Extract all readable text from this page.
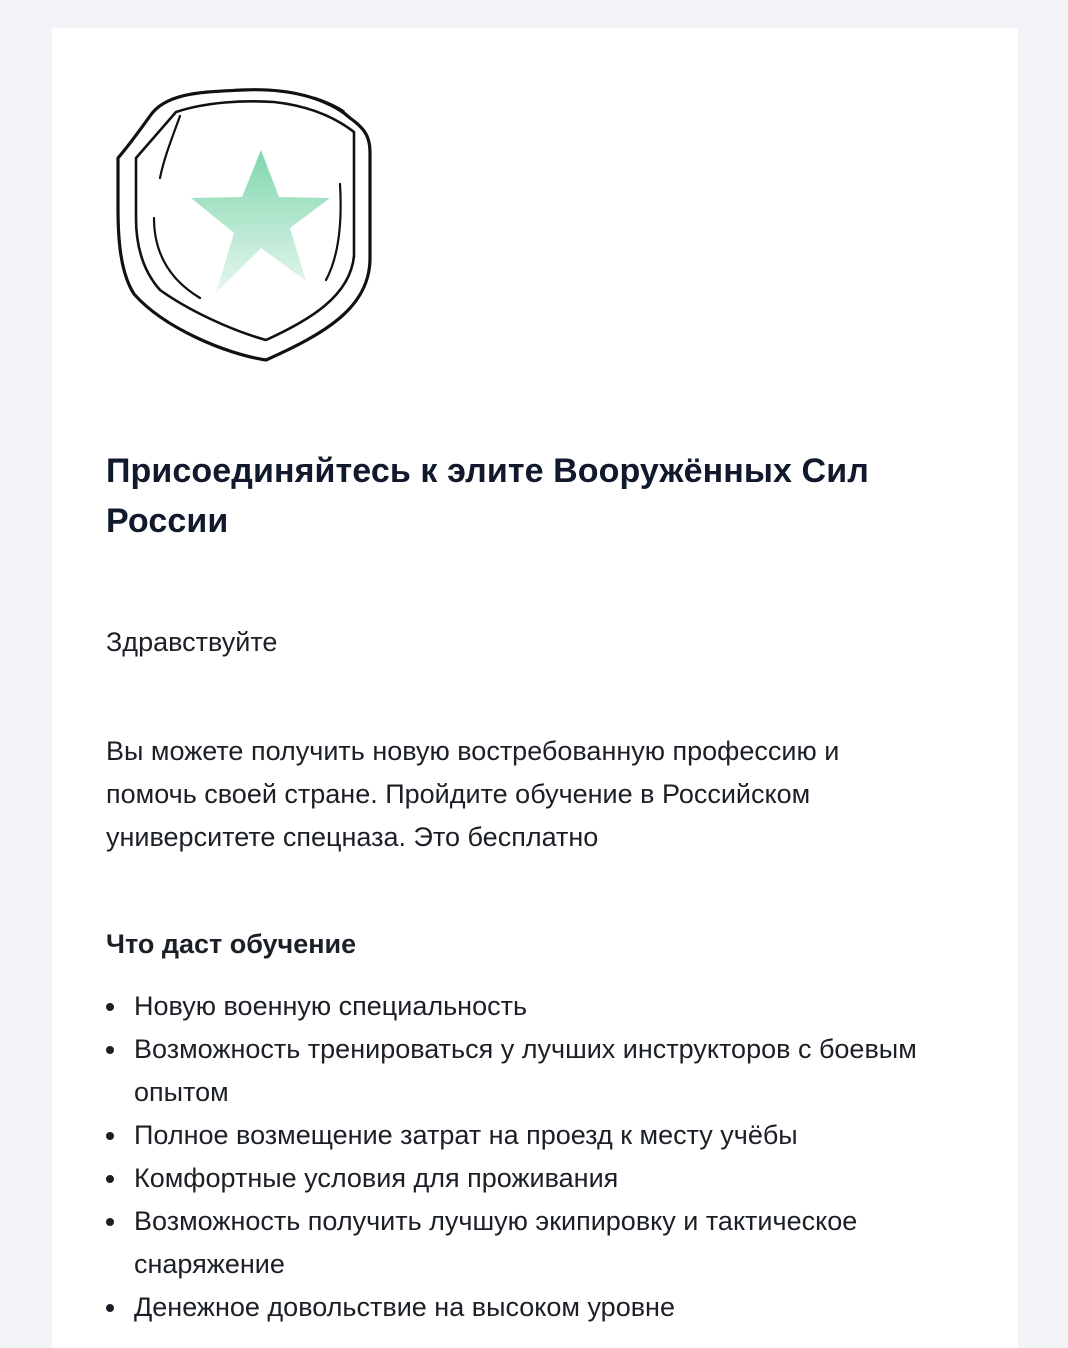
Присоединяйтесь к элите Вооружённых Сил России

Здравствуйте

Вы можете получить новую востребованную профессию и помочь своей стране. Пройдите обучение в Российском университете спецназа. Это бесплатно

Что даст обучение

Новую военную специальность
Возможность тренироваться у лучших инструкторов с боевым опытом
Полное возмещение затрат на проезд к месту учёбы
Комфортные условия для проживания
Возможность получить лучшую экипировку и тактическое снаряжение
Денежное довольствие на высоком уровне
